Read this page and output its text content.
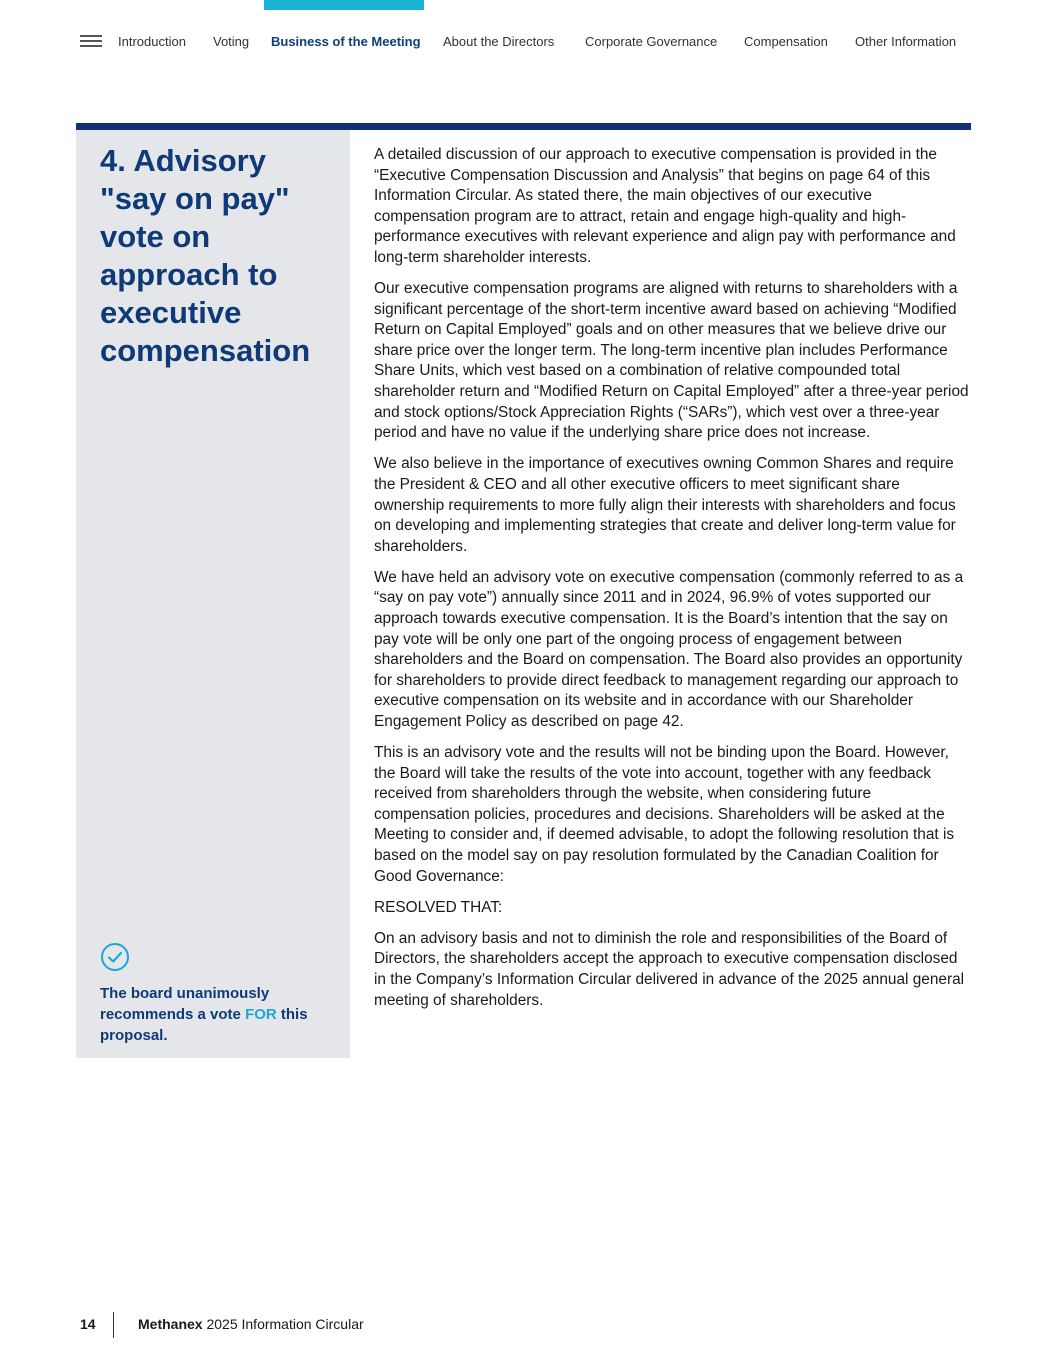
Introduction Voting Business of the Meeting About the Directors Corporate Governance Compensation Other Information
4. Advisory "say on pay" vote on approach to executive compensation
The board unanimously recommends a vote FOR this proposal.

A detailed discussion of our approach to executive compensation is provided in the “Executive Compensation Discussion and Analysis” that begins on page 64 of this Information Circular. As stated there, the main objectives of our executive compensation program are to attract, retain and engage high-quality and high-performance executives with relevant experience and align pay with performance and long-term shareholder interests.

Our executive compensation programs are aligned with returns to shareholders with a significant percentage of the short-term incentive award based on achieving “Modified Return on Capital Employed” goals and on other measures that we believe drive our share price over the longer term. The long-term incentive plan includes Performance Share Units, which vest based on a combination of relative compounded total shareholder return and “Modified Return on Capital Employed” after a three-year period and stock options/Stock Appreciation Rights (“SARs”), which vest over a three-year period and have no value if the underlying share price does not increase.

We also believe in the importance of executives owning Common Shares and require the President & CEO and all other executive officers to meet significant share ownership requirements to more fully align their interests with shareholders and focus on developing and implementing strategies that create and deliver long-term value for shareholders.

We have held an advisory vote on executive compensation (commonly referred to as a “say on pay vote”) annually since 2011 and in 2024, 96.9% of votes supported our approach towards executive compensation. It is the Board’s intention that the say on pay vote will be only one part of the ongoing process of engagement between shareholders and the Board on compensation. The Board also provides an opportunity for shareholders to provide direct feedback to management regarding our approach to executive compensation on its website and in accordance with our Shareholder Engagement Policy as described on page 42.

This is an advisory vote and the results will not be binding upon the Board. However, the Board will take the results of the vote into account, together with any feedback received from shareholders through the website, when considering future compensation policies, procedures and decisions. Shareholders will be asked at the Meeting to consider and, if deemed advisable, to adopt the following resolution that is based on the model say on pay resolution formulated by the Canadian Coalition for Good Governance:

RESOLVED THAT:

On an advisory basis and not to diminish the role and responsibilities of the Board of Directors, the shareholders accept the approach to executive compensation disclosed in the Company’s Information Circular delivered in advance of the 2025 annual general meeting of shareholders.

14	Methanex 2025 Information Circular
